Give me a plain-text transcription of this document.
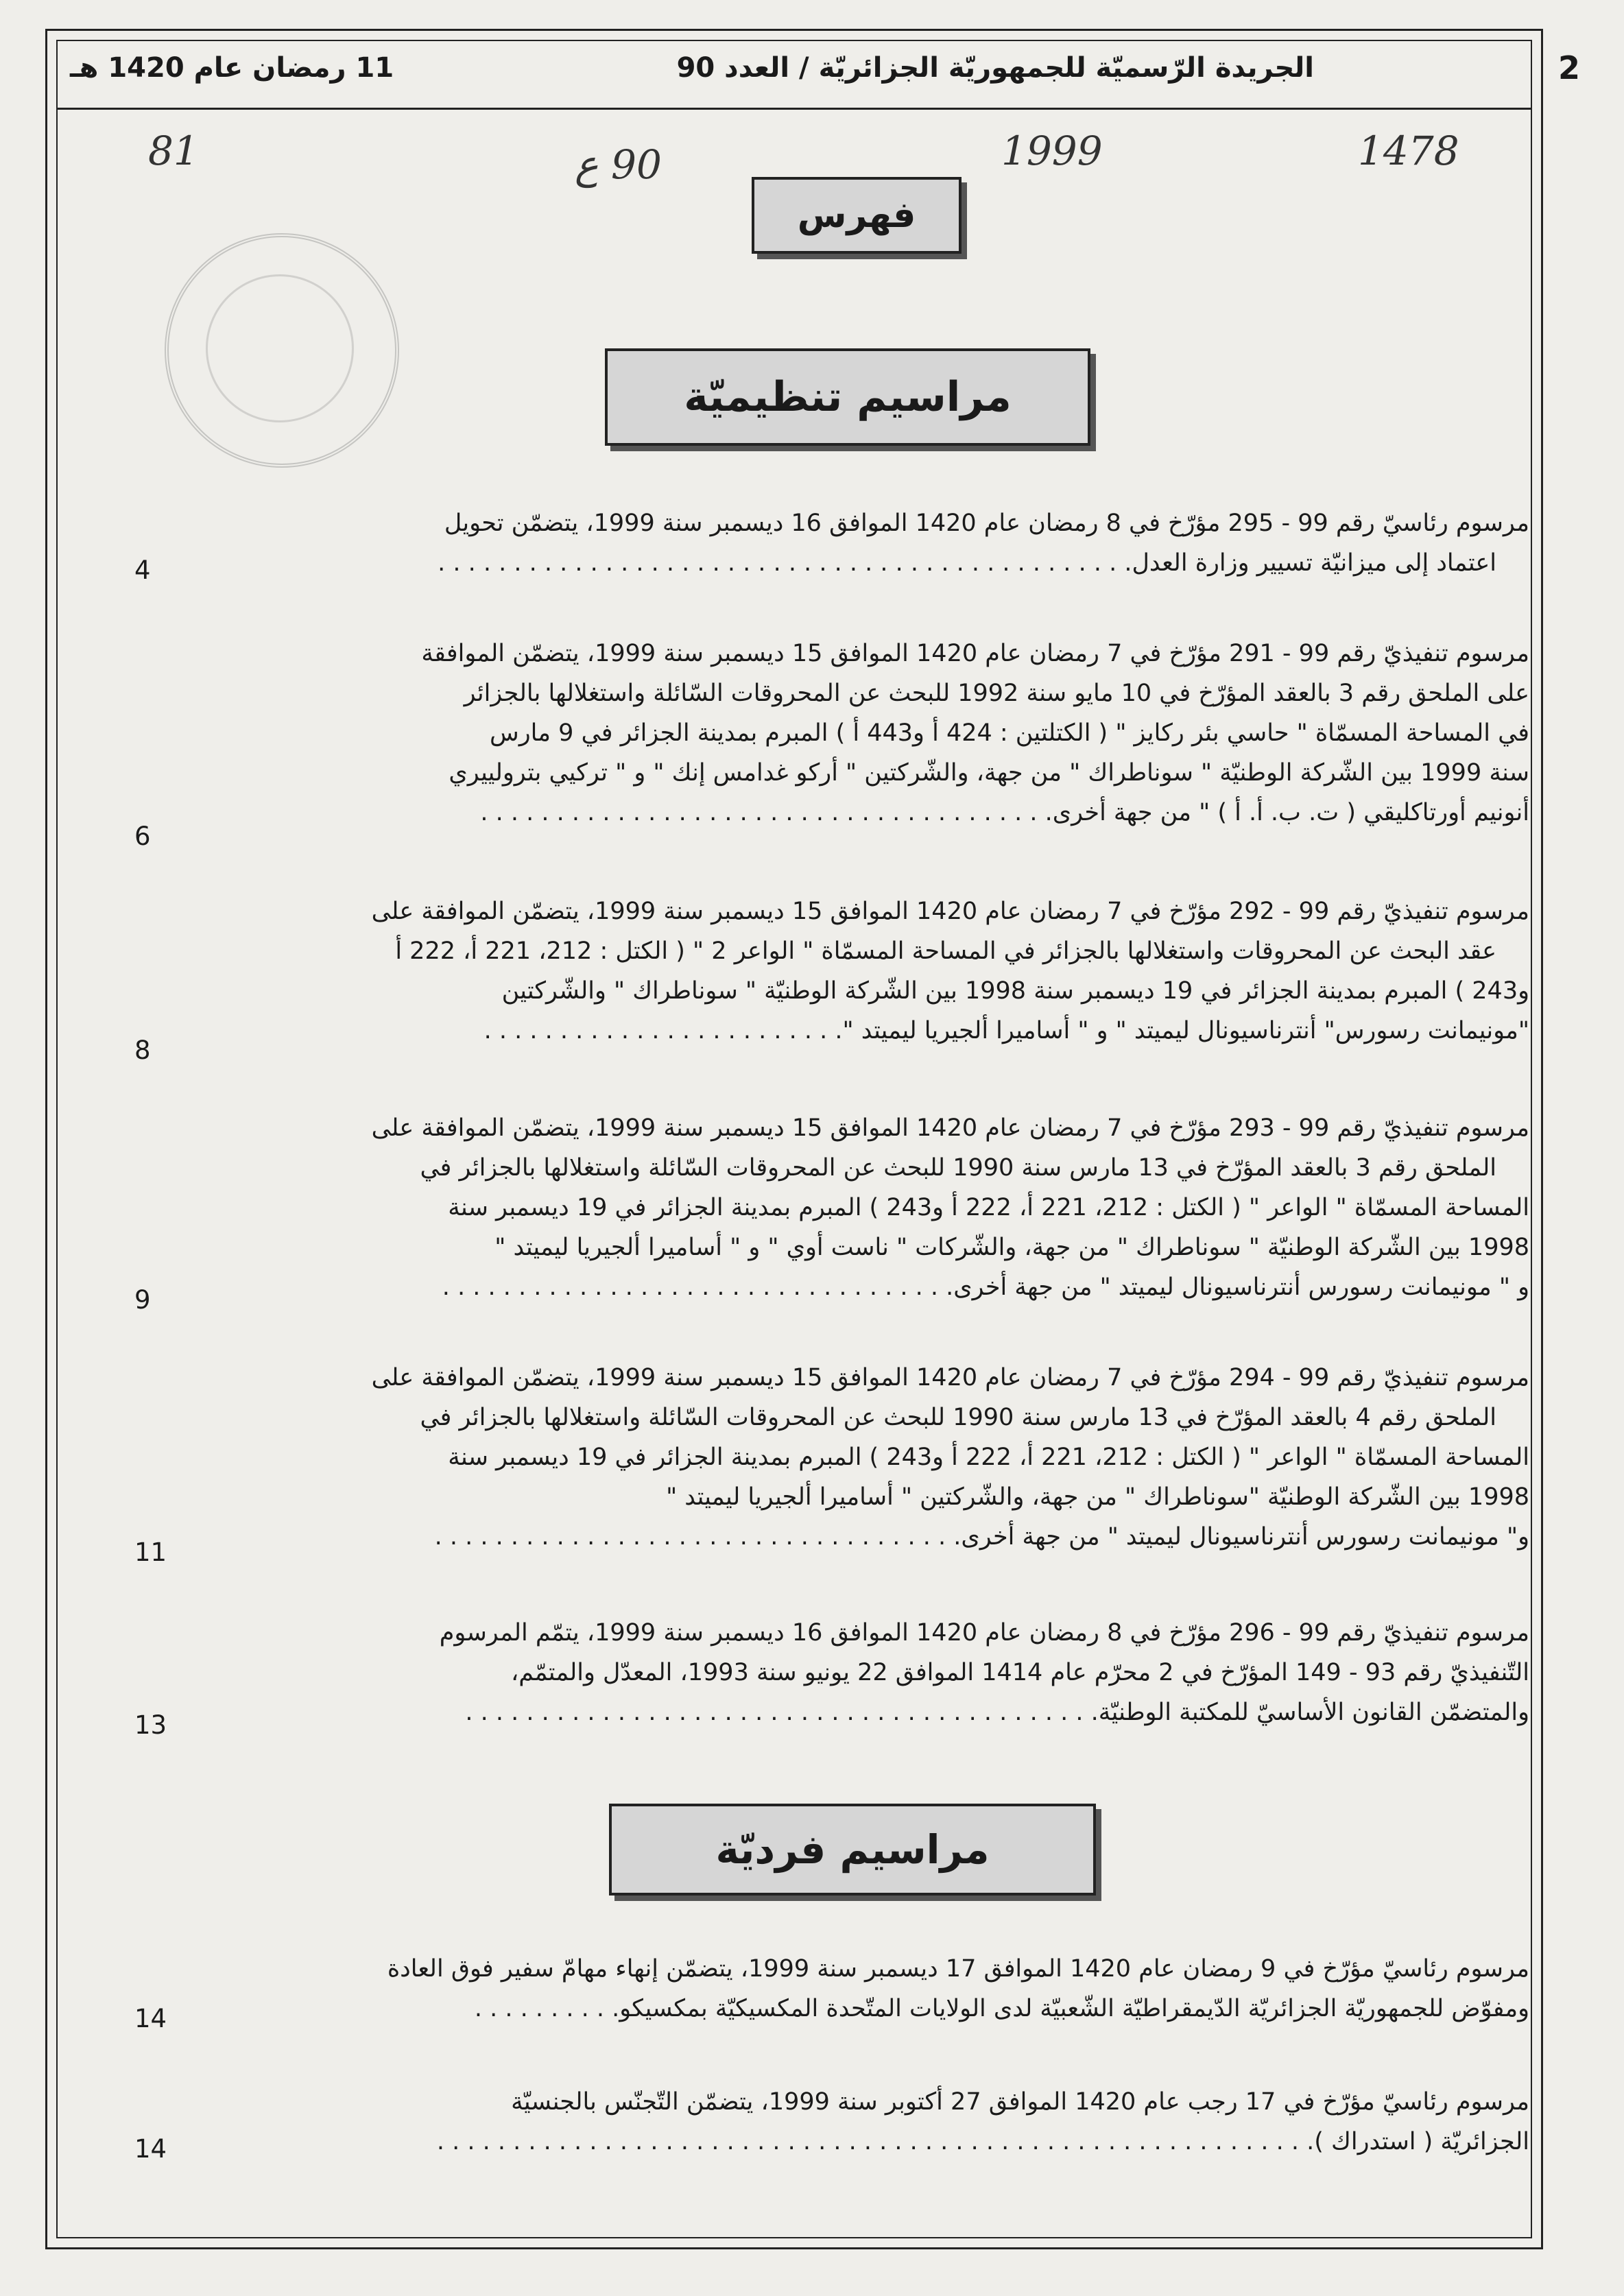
2
الجريدة الرّسميّة للجمهوريّة الجزائريّة / العدد 90
11 رمضان عام 1420 هـ
81	90 ع	1999	1478
فهرس
مراسيم تنظيميّة

مرسوم رئاسيّ رقم 99 - 295 مؤرّخ في 8 رمضان عام 1420 الموافق 16 ديسمبر سنة 1999، يتضمّن تحويل

اعتماد إلى ميزانيّة تسيير وزارة العدل. . . . . . . . . . . . . . . . . . . . . . . . . . . . . . . . . . . . . . . . . . . . . .

4

مرسوم تنفيذيّ رقم 99 - 291 مؤرّخ في 7 رمضان عام 1420 الموافق 15 ديسمبر سنة 1999، يتضمّن الموافقة

على الملحق رقم 3 بالعقد المؤرّخ في 10 مايو سنة 1992 للبحث عن المحروقات السّائلة واستغلالها بالجزائر

في المساحة المسمّاة " حاسي بئر ركايز " ( الكتلتين : 424 أ و443 أ ) المبرم بمدينة الجزائر في 9 مارس

سنة 1999 بين الشّركة الوطنيّة " سوناطراك " من جهة، والشّركتين " أركو غدامس إنك " و " تركيي بترولييري

أنونيم أورتاكليقي ( ت. ب. أ. أ ) " من جهة أخرى. . . . . . . . . . . . . . . . . . . . . . . . . . . . . . . . . . . . . .

6

مرسوم تنفيذيّ رقم 99 - 292 مؤرّخ في 7 رمضان عام 1420 الموافق 15 ديسمبر سنة 1999، يتضمّن الموافقة على

عقد البحث عن المحروقات واستغلالها بالجزائر في المساحة المسمّاة " الواعر 2 " ( الكتل : 212، 221 أ، 222 أ

و243 ) المبرم بمدينة الجزائر في 19 ديسمبر سنة 1998 بين الشّركة الوطنيّة " سوناطراك " والشّركتين

"مونيمانت رسورس" أنترناسيونال ليميتد " و " أساميرا ألجيريا ليميتد ". . . . . . . . . . . . . . . . . . . . . . . .

8

مرسوم تنفيذيّ رقم 99 - 293 مؤرّخ في 7 رمضان عام 1420 الموافق 15 ديسمبر سنة 1999، يتضمّن الموافقة على

الملحق رقم 3 بالعقد المؤرّخ في 13 مارس سنة 1990 للبحث عن المحروقات السّائلة واستغلالها بالجزائر في

المساحة المسمّاة " الواعر " ( الكتل : 212، 221 أ، 222 أ و243 ) المبرم بمدينة الجزائر في 19 ديسمبر سنة

1998 بين الشّركة الوطنيّة " سوناطراك " من جهة، والشّركات " ناست أوي " و " أساميرا ألجيريا ليميتد "

و " مونيمانت رسورس أنترناسيونال ليميتد " من جهة أخرى. . . . . . . . . . . . . . . . . . . . . . . . . . . . . . . . . .

9

مرسوم تنفيذيّ رقم 99 - 294 مؤرّخ في 7 رمضان عام 1420 الموافق 15 ديسمبر سنة 1999، يتضمّن الموافقة على

الملحق رقم 4 بالعقد المؤرّخ في 13 مارس سنة 1990 للبحث عن المحروقات السّائلة واستغلالها بالجزائر في

المساحة المسمّاة " الواعر " ( الكتل : 212، 221 أ، 222 أ و243 ) المبرم بمدينة الجزائر في 19 ديسمبر سنة

1998 بين الشّركة الوطنيّة "سوناطراك " من جهة، والشّركتين " أساميرا ألجيريا ليميتد "

و" مونيمانت رسورس أنترناسيونال ليميتد " من جهة أخرى. . . . . . . . . . . . . . . . . . . . . . . . . . . . . . . . . . .

11

مرسوم تنفيذيّ رقم 99 - 296 مؤرّخ في 8 رمضان عام 1420 الموافق 16 ديسمبر سنة 1999، يتمّم المرسوم

التّنفيذيّ رقم 93 - 149 المؤرّخ في 2 محرّم عام 1414 الموافق 22 يونيو سنة 1993، المعدّل والمتمّم،

والمتضمّن القانون الأساسيّ للمكتبة الوطنيّة. . . . . . . . . . . . . . . . . . . . . . . . . . . . . . . . . . . . . . . . . .

13
مراسيم فرديّة

مرسوم رئاسيّ مؤرّخ في 9 رمضان عام 1420 الموافق 17 ديسمبر سنة 1999، يتضمّن إنهاء مهامّ سفير فوق العادة

ومفوّض للجمهوريّة الجزائريّة الدّيمقراطيّة الشّعبيّة لدى الولايات المتّحدة المكسيكيّة بمكسيكو. . . . . . . . . .

14

مرسوم رئاسيّ مؤرّخ في 17 رجب عام 1420 الموافق 27 أكتوبر سنة 1999، يتضمّن التّجنّس بالجنسيّة

الجزائريّة ( استدراك ). . . . . . . . . . . . . . . . . . . . . . . . . . . . . . . . . . . . . . . . . . . . . . . . . . . . . . . . . .

14
